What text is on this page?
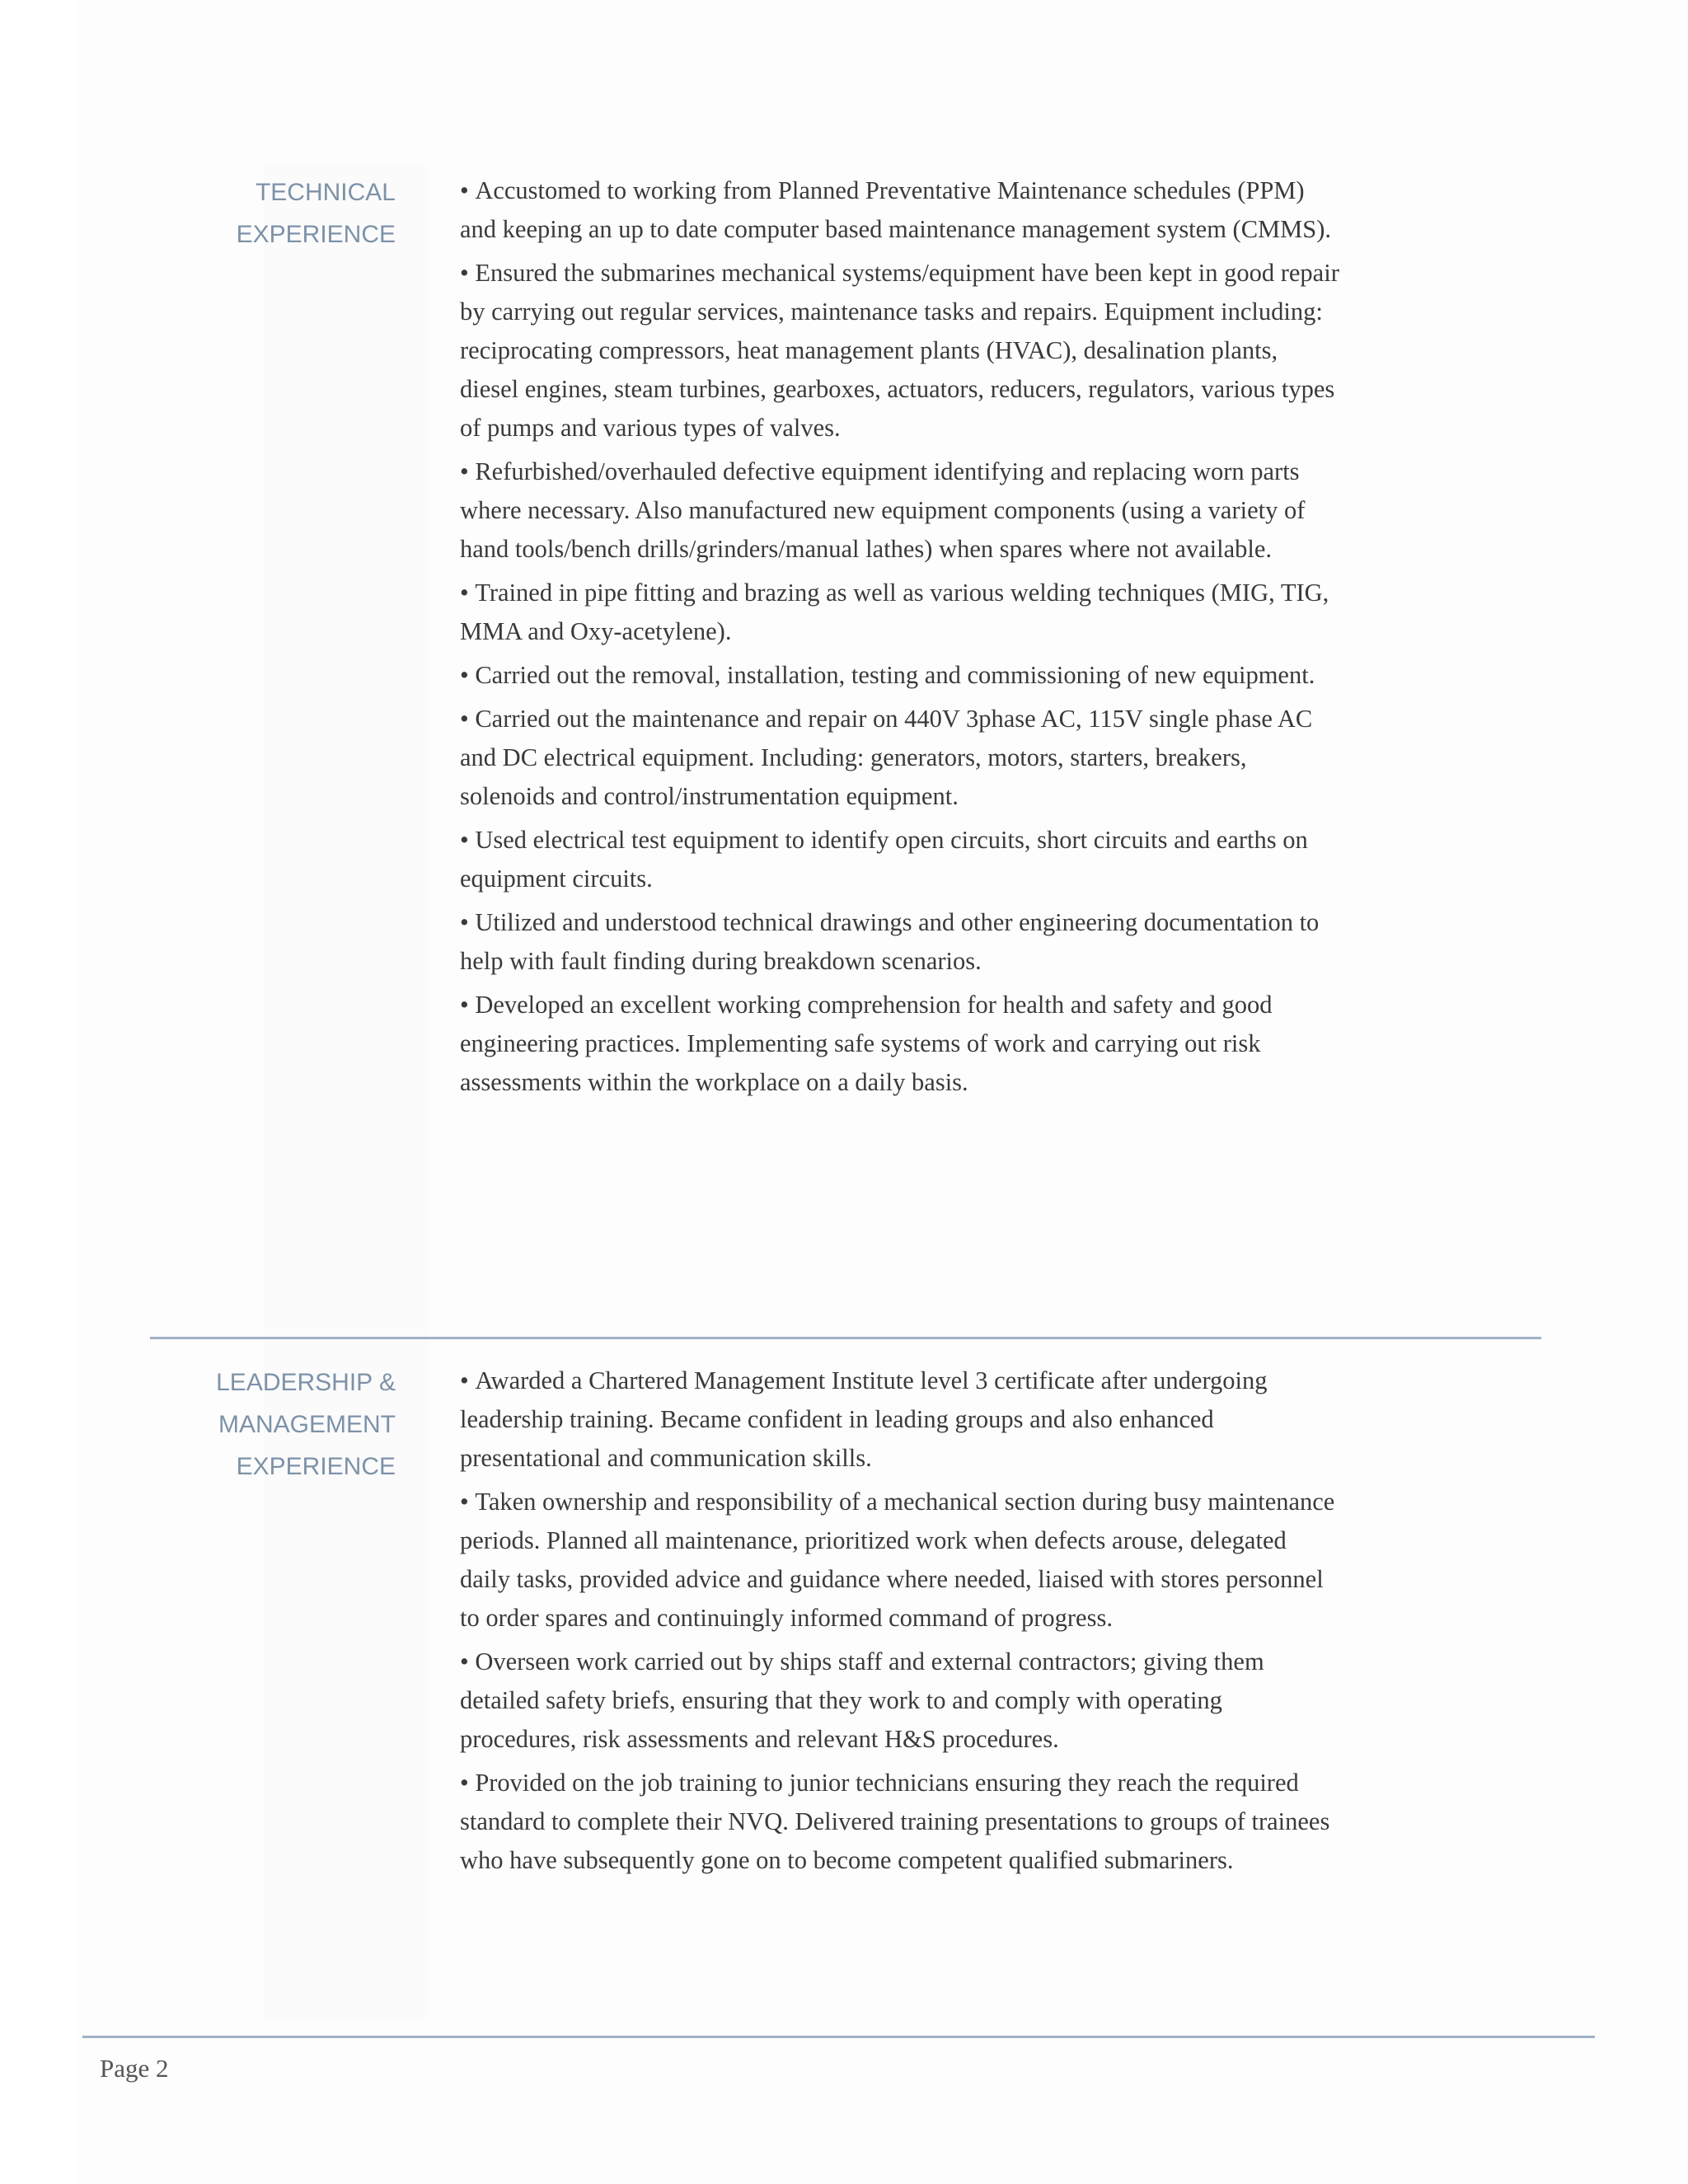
TECHNICAL
EXPERIENCE
• Accustomed to working from Planned Preventative Maintenance schedules (PPM) and keeping an up to date computer based maintenance management system (CMMS).
• Ensured the submarines mechanical systems/equipment have been kept in good repair by carrying out regular services, maintenance tasks and repairs. Equipment including: reciprocating compressors, heat management plants (HVAC), desalination plants, diesel engines, steam turbines, gearboxes, actuators, reducers, regulators, various types of pumps and various types of valves.
• Refurbished/overhauled defective equipment identifying and replacing worn parts where necessary. Also manufactured new equipment components (using a variety of hand tools/bench drills/grinders/manual lathes) when spares where not available.
• Trained in pipe fitting and brazing as well as various welding techniques (MIG, TIG, MMA and Oxy-acetylene).
• Carried out the removal, installation, testing and commissioning of new equipment.
• Carried out the maintenance and repair on 440V 3phase AC, 115V single phase AC and DC electrical equipment. Including: generators, motors, starters, breakers, solenoids and control/instrumentation equipment.
• Used electrical test equipment to identify open circuits, short circuits and earths on equipment circuits.
• Utilized and understood technical drawings and other engineering documentation to help with fault finding during breakdown scenarios.
• Developed an excellent working comprehension for health and safety and good engineering practices. Implementing safe systems of work and carrying out risk assessments within the workplace on a daily basis.
LEADERSHIP &
MANAGEMENT
EXPERIENCE
• Awarded a Chartered Management Institute level 3 certificate after undergoing leadership training. Became confident in leading groups and also enhanced presentational and communication skills.
• Taken ownership and responsibility of a mechanical section during busy maintenance periods. Planned all maintenance, prioritized work when defects arouse, delegated daily tasks, provided advice and guidance where needed, liaised with stores personnel to order spares and continuingly informed command of progress.
• Overseen work carried out by ships staff and external contractors; giving them detailed safety briefs, ensuring that they work to and comply with operating procedures, risk assessments and relevant H&S procedures.
• Provided on the job training to junior technicians ensuring they reach the required standard to complete their NVQ. Delivered training presentations to groups of trainees who have subsequently gone on to become competent qualified submariners.
Page 2
